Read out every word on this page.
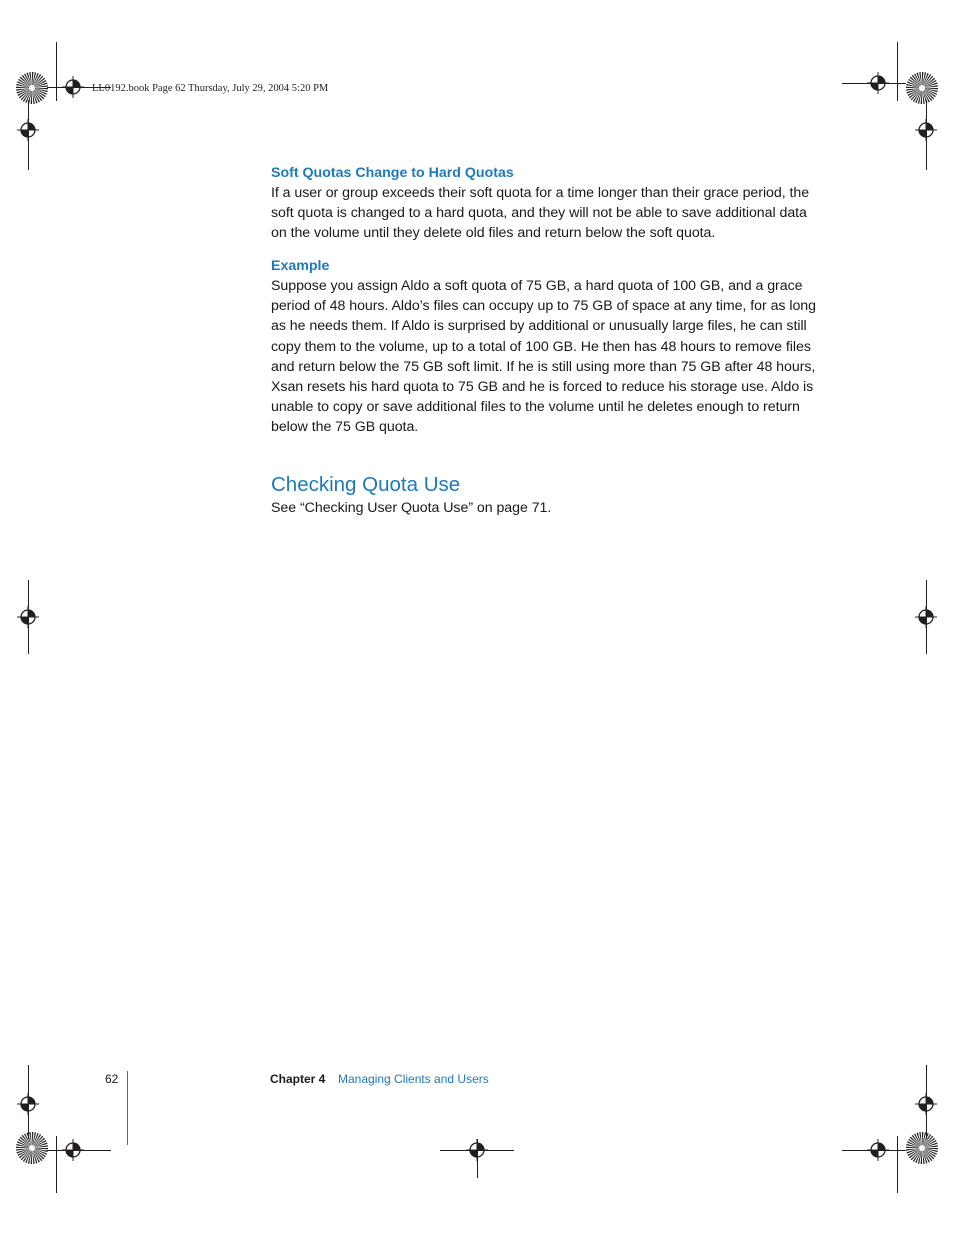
LL0192.book Page 62 Thursday, July 29, 2004 5:20 PM
Soft Quotas Change to Hard Quotas

If a user or group exceeds their soft quota for a time longer than their grace period, the
soft quota is changed to a hard quota, and they will not be able to save additional data
on the volume until they delete old files and return below the soft quota.

Example

Suppose you assign Aldo a soft quota of 75 GB, a hard quota of 100 GB, and a grace
period of 48 hours. Aldo’s files can occupy up to 75 GB of space at any time, for as long
as he needs them. If Aldo is surprised by additional or unusually large files, he can still
copy them to the volume, up to a total of 100 GB. He then has 48 hours to remove files
and return below the 75 GB soft limit. If he is still using more than 75 GB after 48 hours,
Xsan resets his hard quota to 75 GB and he is forced to reduce his storage use. Aldo is
unable to copy or save additional files to the volume until he deletes enough to return
below the 75 GB quota.

Checking Quota Use

See “Checking User Quota Use” on page 71.

62	Chapter 4 Managing Clients and Users
